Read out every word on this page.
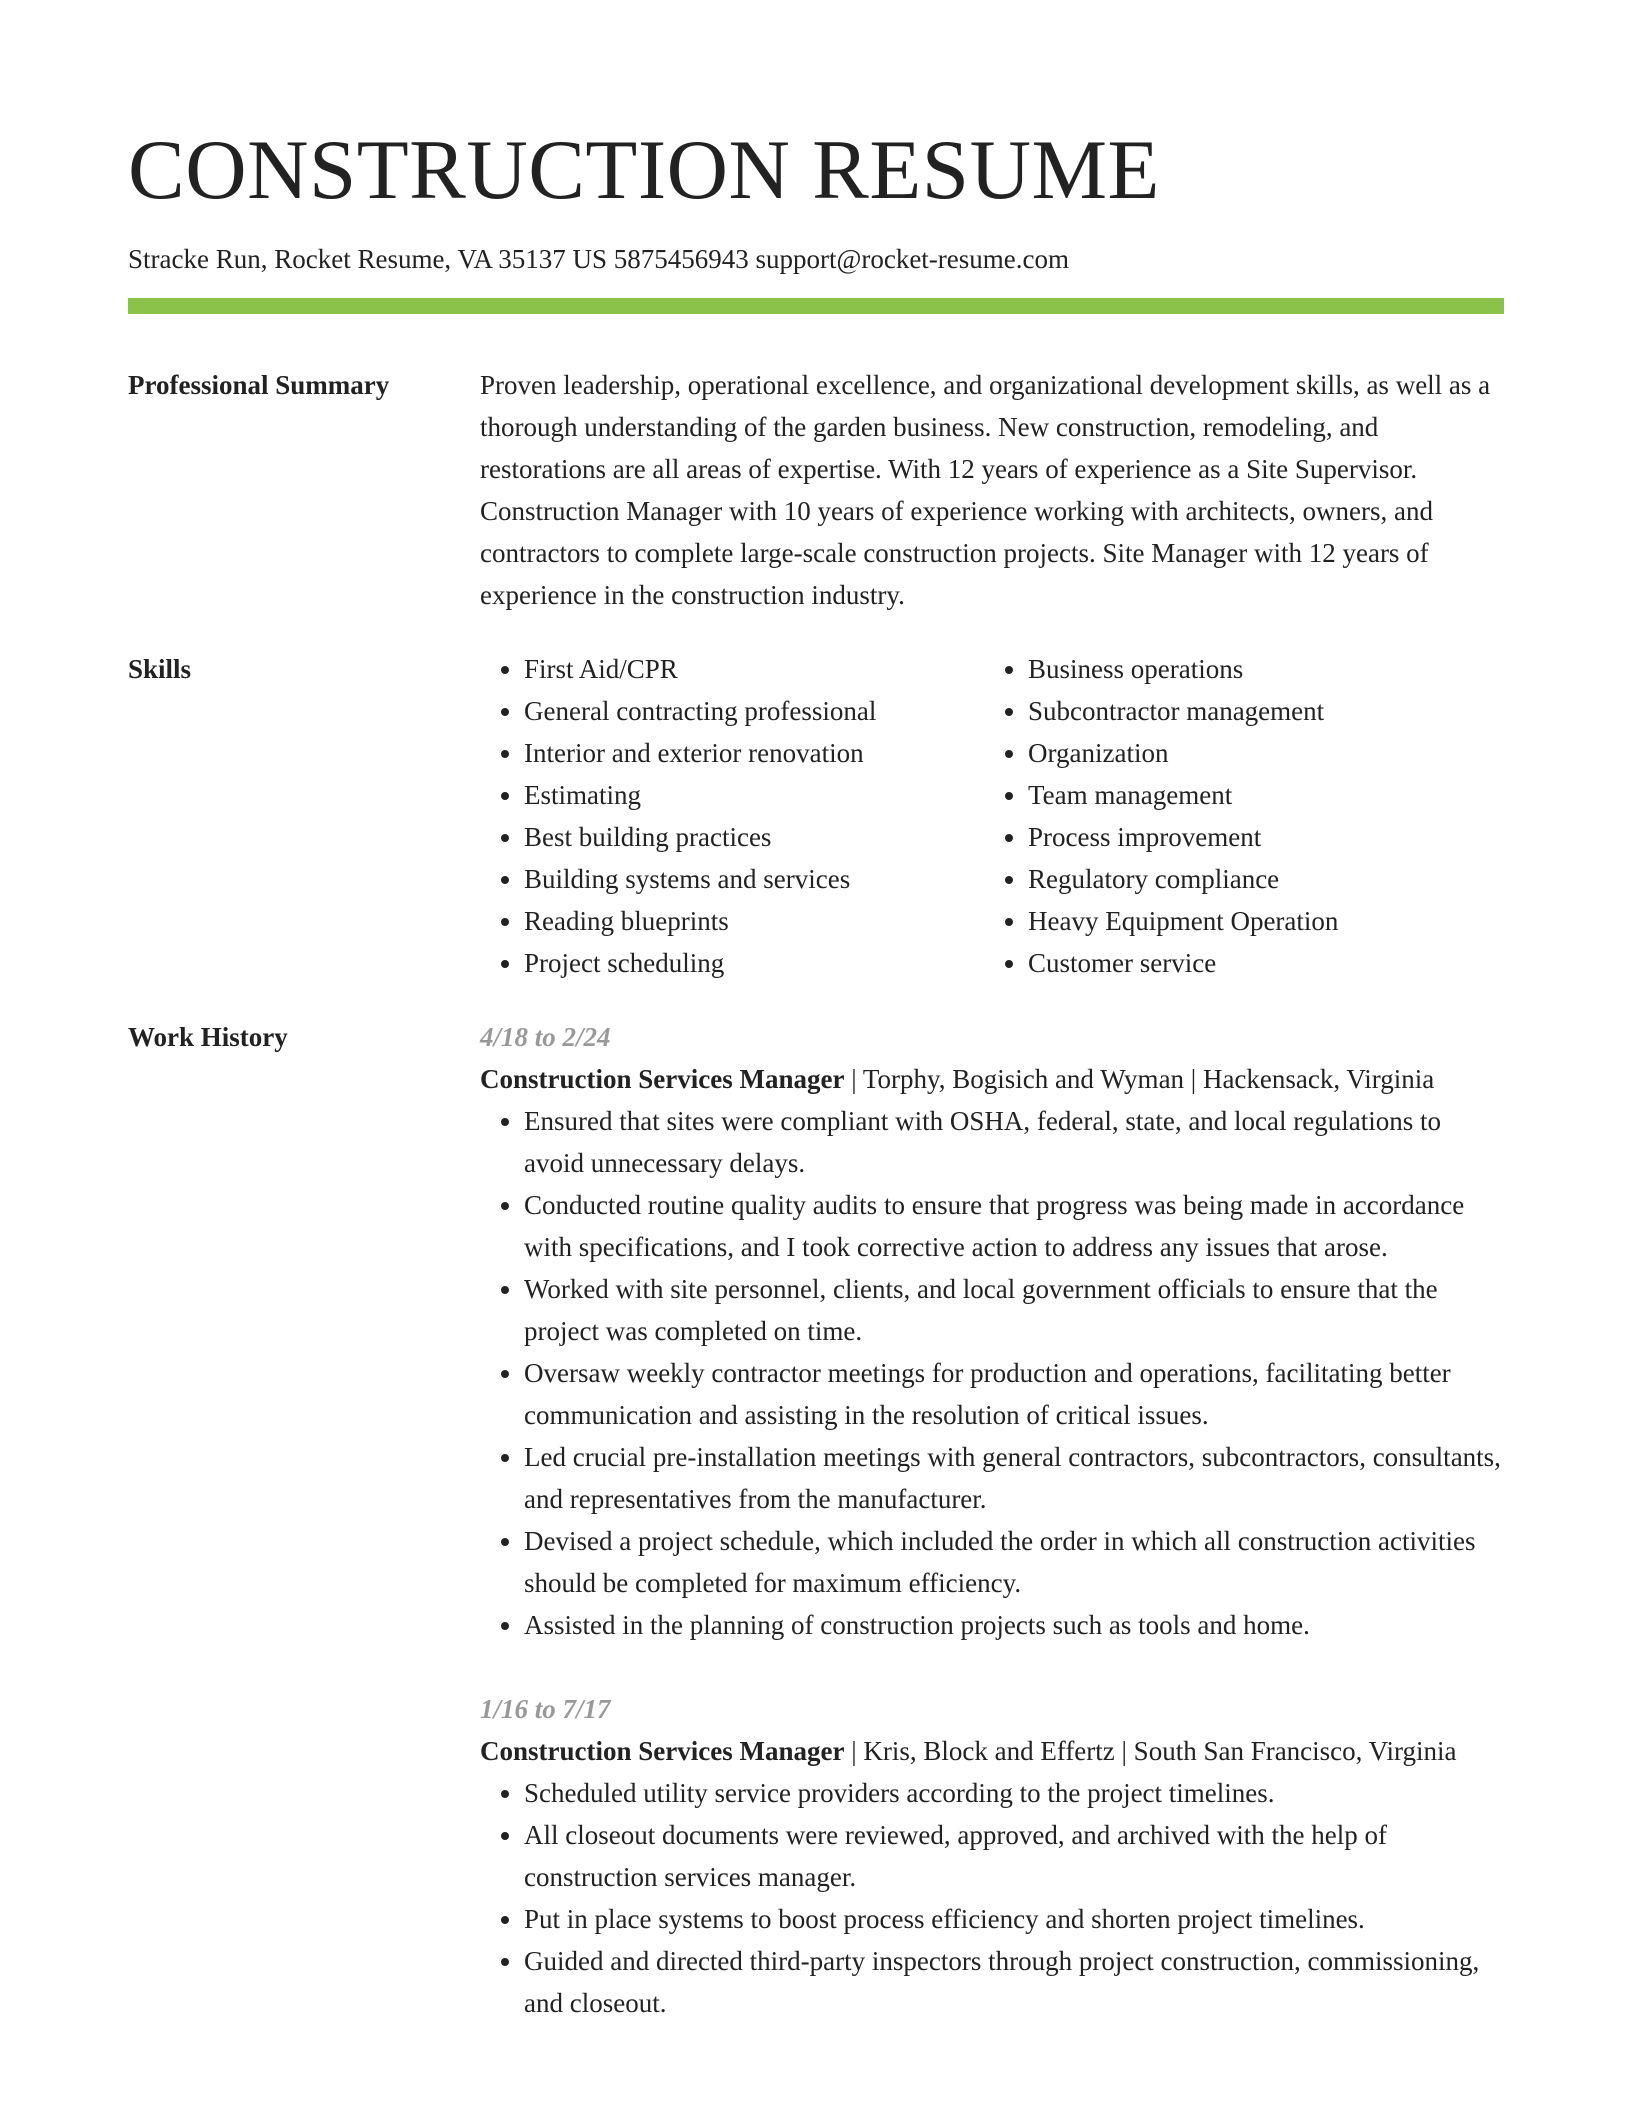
CONSTRUCTION RESUME
Stracke Run, Rocket Resume, VA 35137 US 5875456943 support@rocket-resume.com
Professional Summary	Proven leadership, operational excellence, and organizational development skills, as well as a thorough understanding of the garden business. New construction, remodeling, and restorations are all areas of expertise. With 12 years of experience as a Site Supervisor. Construction Manager with 10 years of experience working with architects, owners, and contractors to complete large-scale construction projects. Site Manager with 12 years of experience in the construction industry.

Skills
•	First Aid/CPR
• General contracting professional
• Interior and exterior renovation
• Estimating
• Best building practices
• Building systems and services
• Reading blueprints
• Project scheduling
• Business operations
• Subcontractor management
• Organization
• Team management
• Process improvement
• Regulatory compliance
• Heavy Equipment Operation
• Customer service
Work History	4/18 to 2/24
Construction Services Manager | Torphy, Bogisich and Wyman | Hackensack, Virginia
• Ensured that sites were compliant with OSHA, federal, state, and local regulations to avoid unnecessary delays.
• Conducted routine quality audits to ensure that progress was being made in accordance with specifications, and I took corrective action to address any issues that arose.
• Worked with site personnel, clients, and local government officials to ensure that the project was completed on time.
• Oversaw weekly contractor meetings for production and operations, facilitating better communication and assisting in the resolution of critical issues.
• Led crucial pre-installation meetings with general contractors, subcontractors, consultants, and representatives from the manufacturer.
• Devised a project schedule, which included the order in which all construction activities should be completed for maximum efficiency.
• Assisted in the planning of construction projects such as tools and home.
1/16 to 7/17
Construction Services Manager | Kris, Block and Effertz | South San Francisco, Virginia
• Scheduled utility service providers according to the project timelines.
• All closeout documents were reviewed, approved, and archived with the help of construction services manager.
• Put in place systems to boost process efficiency and shorten project timelines.
• Guided and directed third-party inspectors through project construction, commissioning, and closeout.
